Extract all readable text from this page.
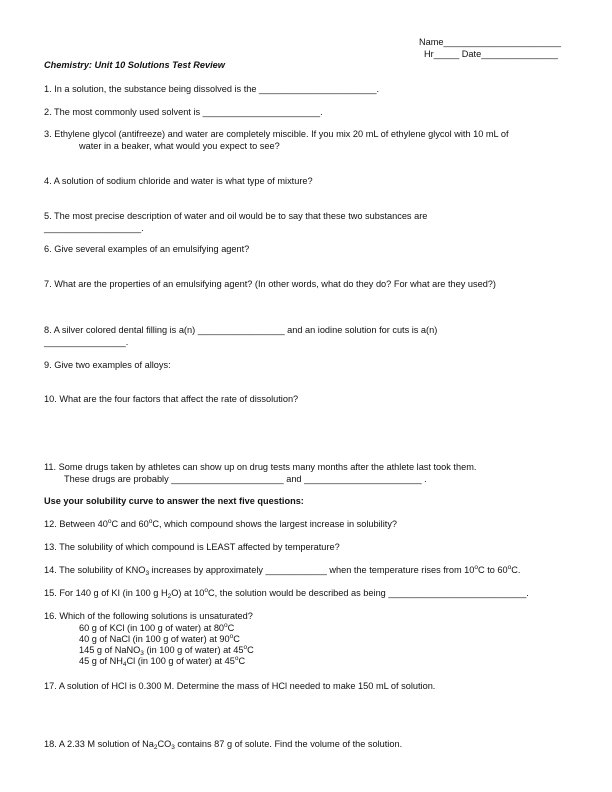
Name_______________________
Hr_____ Date_______________
Chemistry: Unit 10 Solutions Test Review
1. In a solution, the substance being dissolved is the _______________________.
2. The most commonly used solvent is _______________________.
3. Ethylene glycol (antifreeze) and water are completely miscible. If you mix 20 mL of ethylene glycol with 10 mL of
water in a beaker, what would you expect to see?
4. A solution of sodium chloride and water is what type of mixture?
5. The most precise description of water and oil would be to say that these two substances are
___________________.
6. Give several examples of an emulsifying agent?
7. What are the properties of an emulsifying agent? (In other words, what do they do? For what are they used?)
8. A silver colored dental filling is a(n) _________________ and an iodine solution for cuts is a(n)
________________.
9. Give two examples of alloys:
10. What are the four factors that affect the rate of dissolution?
11. Some drugs taken by athletes can show up on drug tests many months after the athlete last took them.
These drugs are probably ______________________ and _______________________ .
Use your solubility curve to answer the next five questions:
12. Between 40$^o$C and 60$^o$C, which compound shows the largest increase in solubility?
13. The solubility of which compound is LEAST affected by temperature?
14. The solubility of $KNO_3$ increases by approximately ____________ when the temperature rises from 10$^o$C to 60$^o$C.
15. For 140 g of KI (in 100 g $H_2O$) at 10$^o$C, the solution would be described as being ___________________________.
16. Which of the following solutions is unsaturated?
60 g of KCl (in 100 g of water) at 80$^o$C
40 g of NaCl (in 100 g of water) at 90$^o$C
145 g of NaNO$_3$ (in 100 g of water) at 45$^o$C
45 g of $NH_4Cl$ (in 100 g of water) at 45$^o$C
17. A solution of HCl is 0.300 M. Determine the mass of HCl needed to make 150 mL of solution.
18. A 2.33 M solution of $Na_2CO_3$ contains 87 g of solute. Find the volume of the solution.
